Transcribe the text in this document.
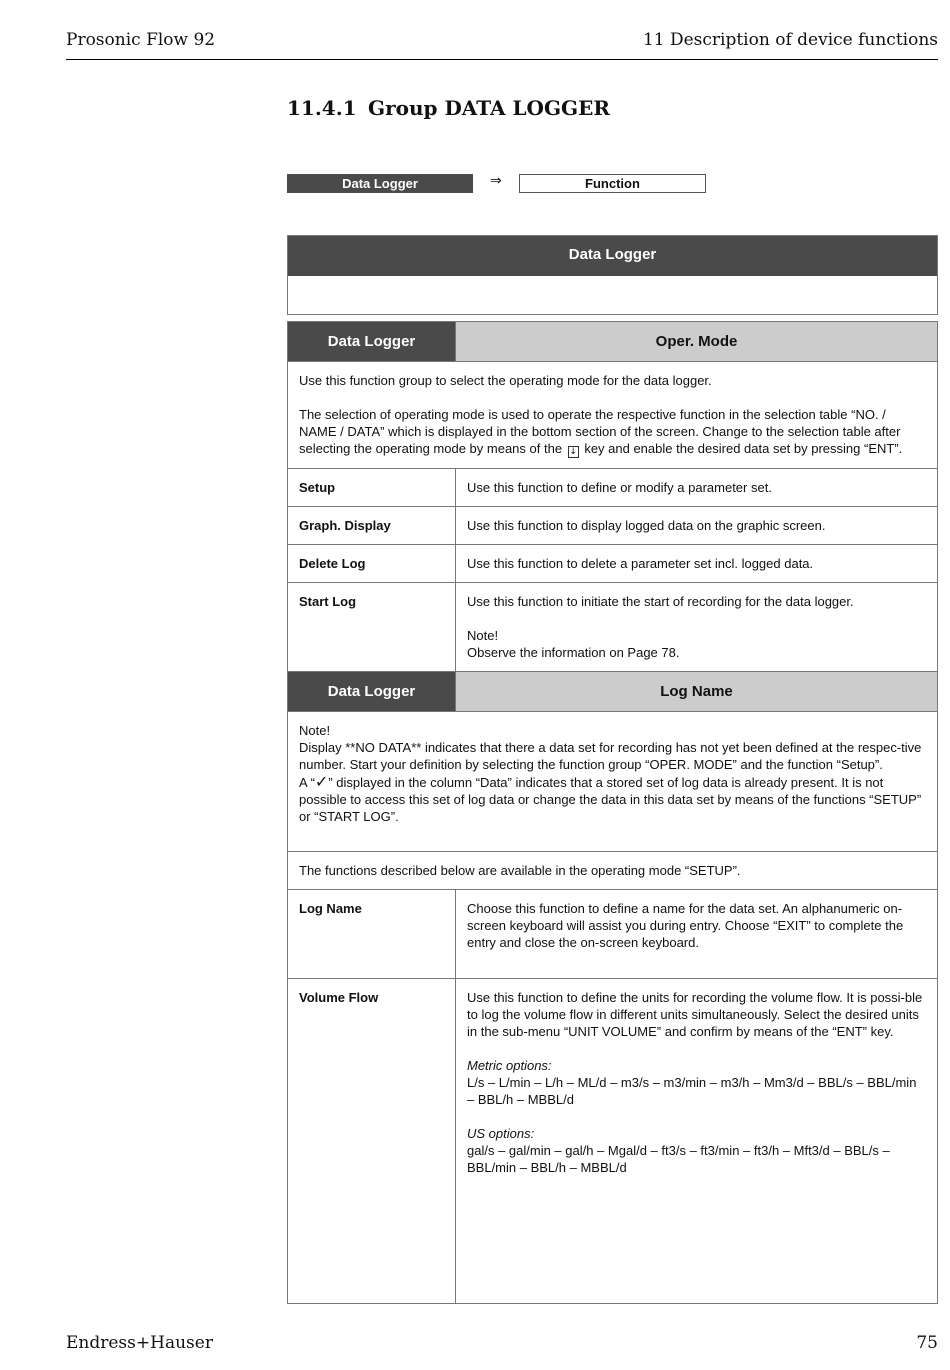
Prosonic Flow 92	11 Description of device functions
11.4.1 Group DATA LOGGER
Data Logger	⇒	Function
Data Logger
Data Logger	Oper. Mode

Use this function group to select the operating mode for the data logger.

The selection of operating mode is used to operate the respective function in the selection table “NO. / NAME / DATA” which is displayed in the bottom section of the screen. Change to the selection table after selecting the operating mode by means of the ↓ key and enable the desired data set by pressing “ENT”.	

Setup	Use this function to define or modify a parameter set.
Graph. Display	Use this function to display logged data on the graphic screen.
Delete Log	Use this function to delete a parameter set incl. logged data.
Start Log	Use this function to initiate the start of recording for the data logger.

Note!
Observe the information on Page 78.

Data Logger	Log Name

Note!
Display **NO DATA** indicates that there a data set for recording has not yet been defined at the respec-tive number. Start your definition by selecting the function group “OPER. MODE” and the function “Setup”.
A “✓” displayed in the column “Data” indicates that a stored set of log data is already present. It is not possible to access this set of log data or change the data in this data set by means of the functions “SETUP” or “START LOG”.	

The functions described below are available in the operating mode “SETUP”.	
Log Name	Choose this function to define a name for the data set. An alphanumeric on-screen keyboard will assist you during entry. Choose “EXIT” to complete the entry and close the on-screen keyboard.
Volume Flow	Use this function to define the units for recording the volume flow. It is possi-ble to log the volume flow in different units simultaneously. Select the desired units in the sub-menu “UNIT VOLUME” and confirm by means of the “ENT” key.

Metric options:
L/s – L/min – L/h – ML/d – m3/s – m3/min – m3/h – Mm3/d – BBL/s – BBL/min – BBL/h – MBBL/d

US options:
gal/s – gal/min – gal/h – Mgal/d – ft3/s – ft3/min – ft3/h – Mft3/d – BBL/s – BBL/min – BBL/h – MBBL/d

Endress+Hauser	75
